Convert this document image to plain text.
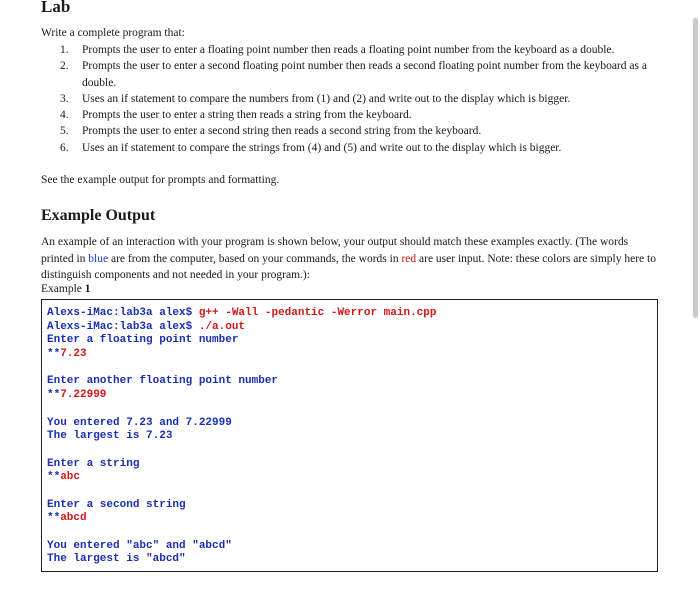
Lab
Write a complete program that:
1. Prompts the user to enter a floating point number then reads a floating point number from the keyboard as a double.
2. Prompts the user to enter a second floating point number then reads a second floating point number from the keyboard as a double.
3. Uses an if statement to compare the numbers from (1) and (2) and write out to the display which is bigger.
4. Prompts the user to enter a string then reads a string from the keyboard.
5. Prompts the user to enter a second string then reads a second string from the keyboard.
6. Uses an if statement to compare the strings from (4) and (5) and write out to the display which is bigger.
See the example output for prompts and formatting.
Example Output
An example of an interaction with your program is shown below, your output should match these examples exactly. (The words printed in blue are from the computer, based on your commands, the words in red are user input. Note: these colors are simply here to distinguish components and not needed in your program.):
Example 1
Alexs-iMac:lab3a alex$ g++ -Wall -pedantic -Werror main.cpp
Alexs-iMac:lab3a alex$ ./a.out
Enter a floating point number
**7.23
Enter another floating point number
**7.22999
You entered 7.23 and 7.22999
The largest is 7.23
Enter a string
**abc
Enter a second string
**abcd
You entered "abc" and "abcd"
The largest is "abcd"
